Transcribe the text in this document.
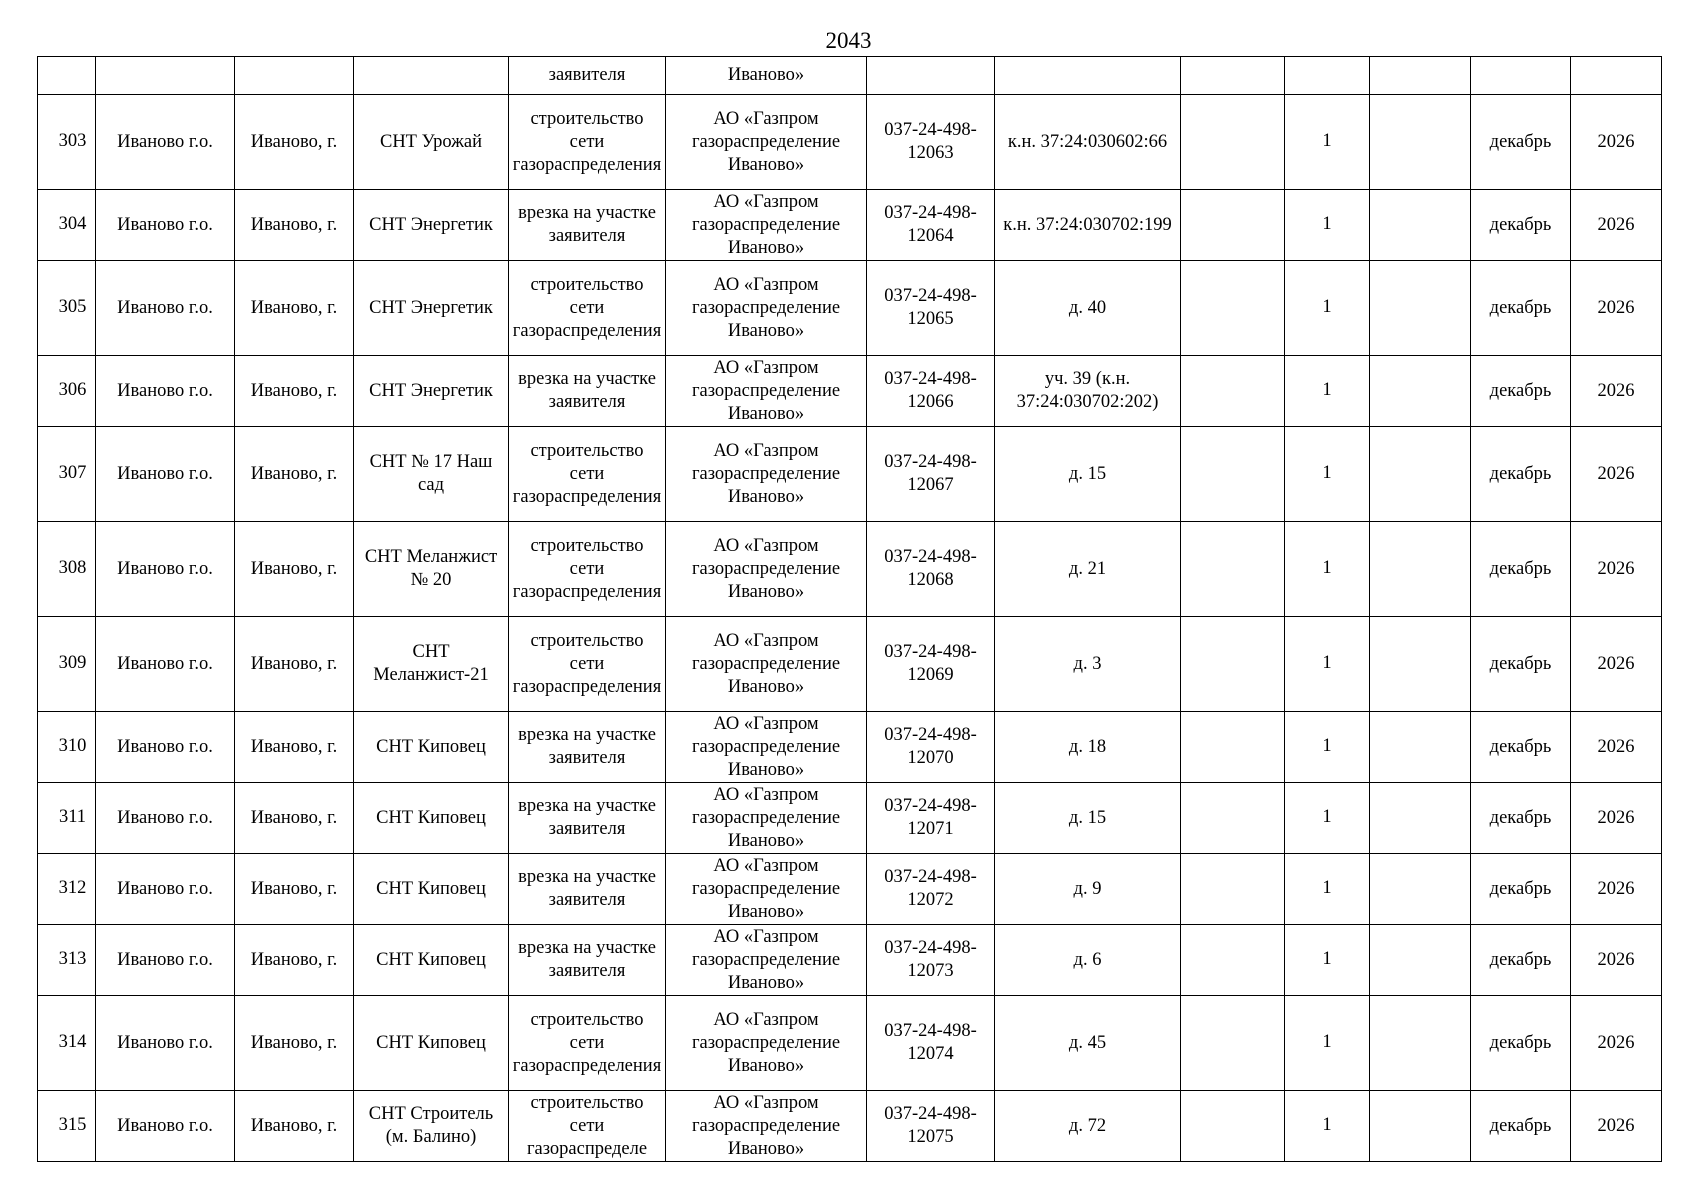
2043

				заявителя	Иваново»							

303	Иваново г.о.	Иваново, г.	СНТ Урожай	строительство сети газораспределения	АО «Газпром газораспределение Иваново»	037-24-498-12063	к.н. 37:24:030602:66		1		декабрь	2026

304	Иваново г.о.	Иваново, г.	СНТ Энергетик	врезка на участке заявителя	АО «Газпром газораспределение Иваново»	037-24-498-12064	к.н. 37:24:030702:199		1		декабрь	2026

305	Иваново г.о.	Иваново, г.	СНТ Энергетик	строительство сети газораспределения	АО «Газпром газораспределение Иваново»	037-24-498-12065	д. 40		1		декабрь	2026

306	Иваново г.о.	Иваново, г.	СНТ Энергетик	врезка на участке заявителя	АО «Газпром газораспределение Иваново»	037-24-498-12066	уч. 39 (к.н. 37:24:030702:202)		1		декабрь	2026

307	Иваново г.о.	Иваново, г.	СНТ № 17 Наш сад	строительство сети газораспределения	АО «Газпром газораспределение Иваново»	037-24-498-12067	д. 15		1		декабрь	2026

308	Иваново г.о.	Иваново, г.	СНТ Меланжист № 20	строительство сети газораспределения	АО «Газпром газораспределение Иваново»	037-24-498-12068	д. 21		1		декабрь	2026

309	Иваново г.о.	Иваново, г.	СНТ Меланжист-21	строительство сети газораспределения	АО «Газпром газораспределение Иваново»	037-24-498-12069	д. 3		1		декабрь	2026

310	Иваново г.о.	Иваново, г.	СНТ Киповец	врезка на участке заявителя	АО «Газпром газораспределение Иваново»	037-24-498-12070	д. 18		1		декабрь	2026

311	Иваново г.о.	Иваново, г.	СНТ Киповец	врезка на участке заявителя	АО «Газпром газораспределение Иваново»	037-24-498-12071	д. 15		1		декабрь	2026

312	Иваново г.о.	Иваново, г.	СНТ Киповец	врезка на участке заявителя	АО «Газпром газораспределение Иваново»	037-24-498-12072	д. 9		1		декабрь	2026

313	Иваново г.о.	Иваново, г.	СНТ Киповец	врезка на участке заявителя	АО «Газпром газораспределение Иваново»	037-24-498-12073	д. 6		1		декабрь	2026

314	Иваново г.о.	Иваново, г.	СНТ Киповец	строительство сети газораспределения	АО «Газпром газораспределение Иваново»	037-24-498-12074	д. 45		1		декабрь	2026

315	Иваново г.о.	Иваново, г.	СНТ Строитель (м. Балино)	строительство сети газораспределе	АО «Газпром газораспределение Иваново»	037-24-498-12075	д. 72		1		декабрь	2026
